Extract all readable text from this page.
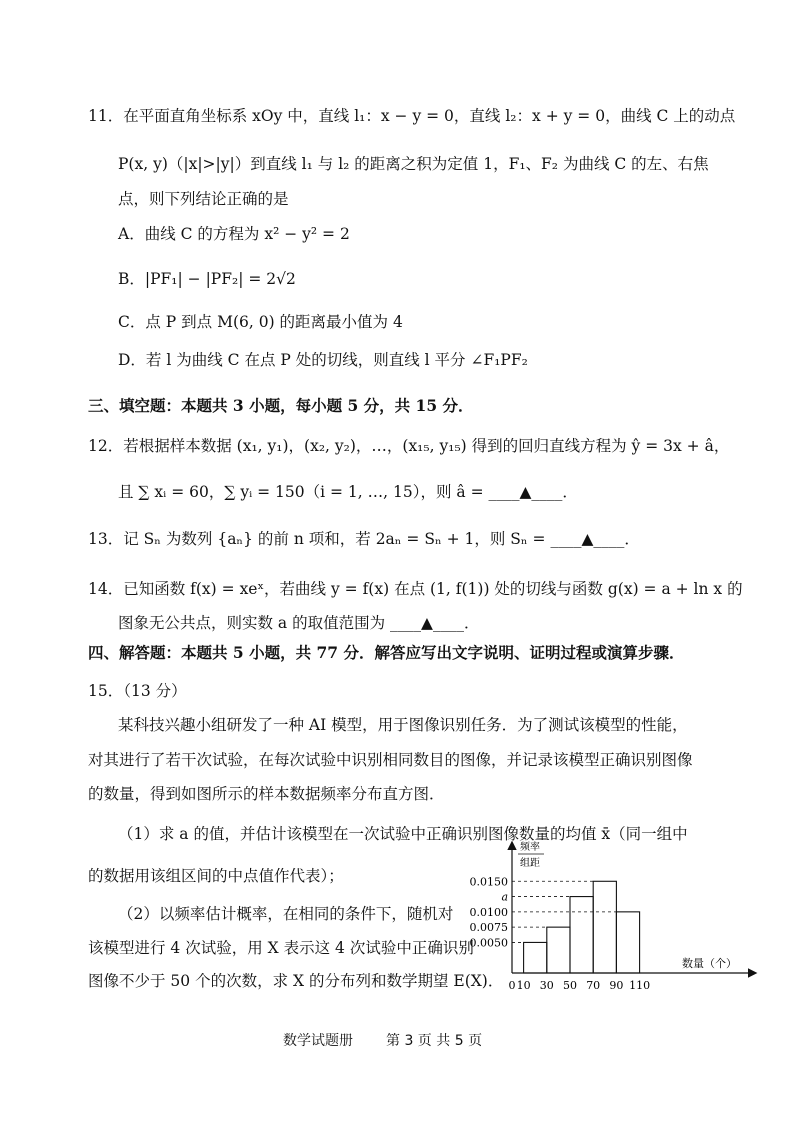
11．在平面直角坐标系 xOy 中，直线 l₁：x − y = 0，直线 l₂：x + y = 0，曲线 C 上的动点
P(x, y)（|x|>|y|）到直线 l₁ 与 l₂ 的距离之积为定值 1，F₁、F₂ 为曲线 C 的左、右焦
点，则下列结论正确的是
A．曲线 C 的方程为 x² − y² = 2
B．|PF₁| − |PF₂| = 2√2
C．点 P 到点 M(6, 0) 的距离最小值为 4
D．若 l 为曲线 C 在点 P 处的切线，则直线 l 平分 ∠F₁PF₂
三、填空题：本题共 3 小题，每小题 5 分，共 15 分．
12．若根据样本数据 (x₁, y₁)，(x₂, y₂)，…，(x₁₅, y₁₅) 得到的回归直线方程为 ŷ = 3x + â，
且 ∑ xᵢ = 60，∑ yᵢ = 150（i = 1, …, 15），则 â = ____▲____．
13．记 Sₙ 为数列 {aₙ} 的前 n 项和，若 2aₙ = Sₙ + 1，则 Sₙ = ____▲____．
14．已知函数 f(x) = xeˣ，若曲线 y = f(x) 在点 (1, f(1)) 处的切线与函数 g(x) = a + ln x 的
图象无公共点，则实数 a 的取值范围为 ____▲____．
四、解答题：本题共 5 小题，共 77 分．解答应写出文字说明、证明过程或演算步骤．
15．（13 分）
某科技兴趣小组研发了一种 AI 模型，用于图像识别任务．为了测试该模型的性能，
对其进行了若干次试验，在每次试验中识别相同数目的图像，并记录该模型正确识别图像
的数量，得到如图所示的样本数据频率分布直方图．
（1）求 a 的值，并估计该模型在一次试验中正确识别图像数量的均值 x̄（同一组中
的数据用该组区间的中点值作代表）；
（2）以频率估计概率，在相同的条件下，随机对
该模型进行 4 次试验，用 X 表示这 4 次试验中正确识别
图像不少于 50 个的次数，求 X 的分布列和数学期望 E(X)．
频率
组距
0.0150
a
0.0100
0.0075
0.0050
0 10 30 50 70 90 110
数量（个）
数学试题册 第 3 页 共 5 页
